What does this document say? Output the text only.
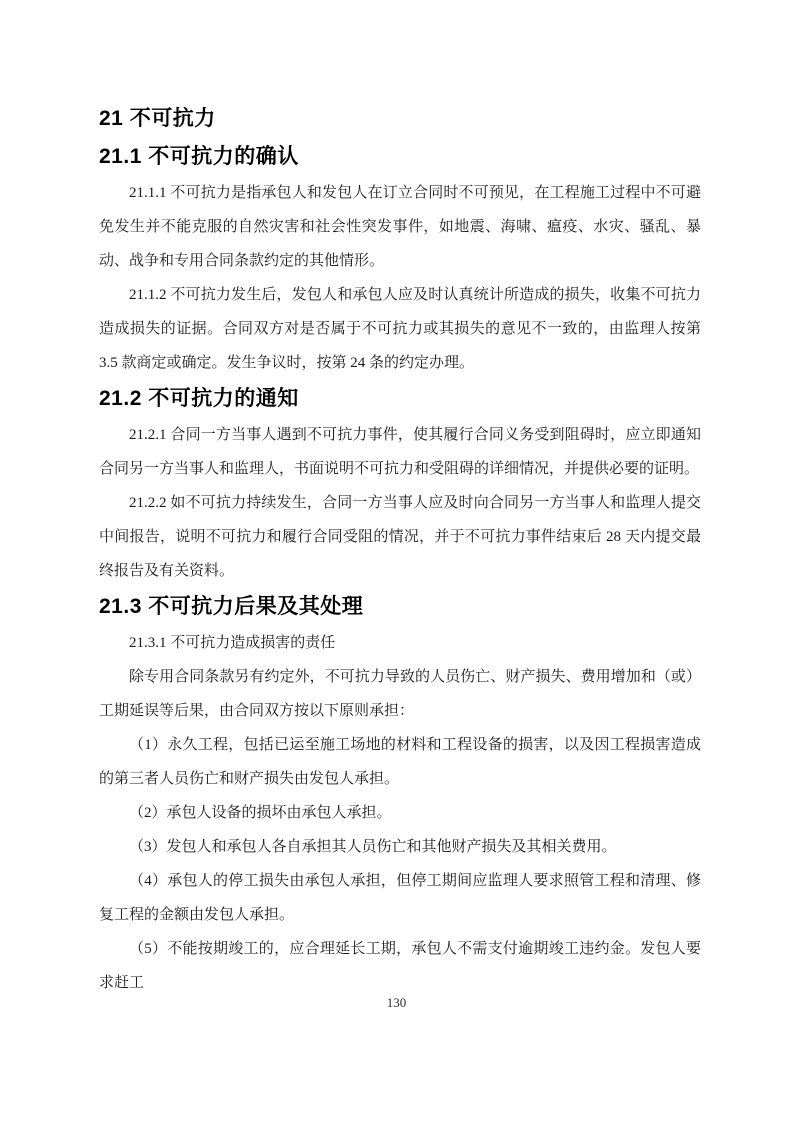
21 不可抗力
21.1 不可抗力的确认

21.1.1 不可抗力是指承包人和发包人在订立合同时不可预见，在工程施工过程中不可避免发生并不能克服的自然灾害和社会性突发事件，如地震、海啸、瘟疫、水灾、骚乱、暴动、战争和专用合同条款约定的其他情形。

21.1.2 不可抗力发生后，发包人和承包人应及时认真统计所造成的损失，收集不可抗力造成损失的证据。合同双方对是否属于不可抗力或其损失的意见不一致的，由监理人按第 3.5 款商定或确定。发生争议时，按第 24 条的约定办理。

21.2 不可抗力的通知

21.2.1 合同一方当事人遇到不可抗力事件，使其履行合同义务受到阻碍时，应立即通知合同另一方当事人和监理人，书面说明不可抗力和受阻碍的详细情况，并提供必要的证明。

21.2.2 如不可抗力持续发生，合同一方当事人应及时向合同另一方当事人和监理人提交中间报告，说明不可抗力和履行合同受阻的情况，并于不可抗力事件结束后 28 天内提交最终报告及有关资料。

21.3 不可抗力后果及其处理

21.3.1 不可抗力造成损害的责任

除专用合同条款另有约定外，不可抗力导致的人员伤亡、财产损失、费用增加和（或）工期延误等后果，由合同双方按以下原则承担：

（1）永久工程，包括已运至施工场地的材料和工程设备的损害，以及因工程损害造成的第三者人员伤亡和财产损失由发包人承担。

（2）承包人设备的损坏由承包人承担。

（3）发包人和承包人各自承担其人员伤亡和其他财产损失及其相关费用。

（4）承包人的停工损失由承包人承担，但停工期间应监理人要求照管工程和清理、修复工程的金额由发包人承担。

（5）不能按期竣工的，应合理延长工期，承包人不需支付逾期竣工违约金。发包人要求赶工

130
